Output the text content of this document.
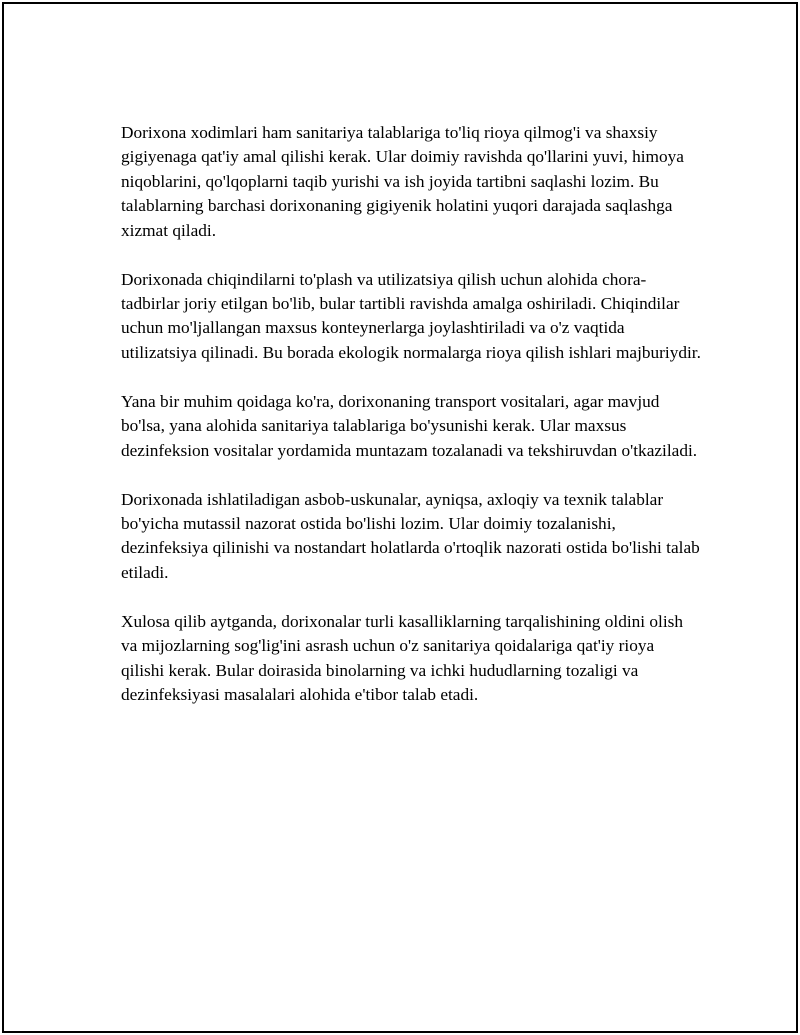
Dorixona xodimlari ham sanitariya talablariga to'liq rioya qilmog'i va shaxsiy gigiyenaga qat'iy amal qilishi kerak. Ular doimiy ravishda qo'llarini yuvi, himoya niqoblarini, qo'lqoplarni taqib yurishi va ish joyida tartibni saqlashi lozim. Bu talablarning barchasi dorixonaning gigiyenik holatini yuqori darajada saqlashga xizmat qiladi.

Dorixonada chiqindilarni to'plash va utilizatsiya qilish uchun alohida chora-tadbirlar joriy etilgan bo'lib, bular tartibli ravishda amalga oshiriladi. Chiqindilar uchun mo'ljallangan maxsus konteynerlarga joylashtiriladi va o'z vaqtida utilizatsiya qilinadi. Bu borada ekologik normalarga rioya qilish ishlari majburiydir.

Yana bir muhim qoidaga ko'ra, dorixonaning transport vositalari, agar mavjud bo'lsa, yana alohida sanitariya talablariga bo'ysunishi kerak. Ular maxsus dezinfeksion vositalar yordamida muntazam tozalanadi va tekshiruvdan o'tkaziladi.

Dorixonada ishlatiladigan asbob-uskunalar, ayniqsa, axloqiy va texnik talablar bo'yicha mutassil nazorat ostida bo'lishi lozim. Ular doimiy tozalanishi, dezinfeksiya qilinishi va nostandart holatlarda o'rtoqlik nazorati ostida bo'lishi talab etiladi.

Xulosa qilib aytganda, dorixonalar turli kasalliklarning tarqalishining oldini olish va mijozlarning sog'lig'ini asrash uchun o'z sanitariya qoidalariga qat'iy rioya qilishi kerak. Bular doirasida binolarning va ichki hududlarning tozaligi va dezinfeksiyasi masalalari alohida e'tibor talab etadi.
